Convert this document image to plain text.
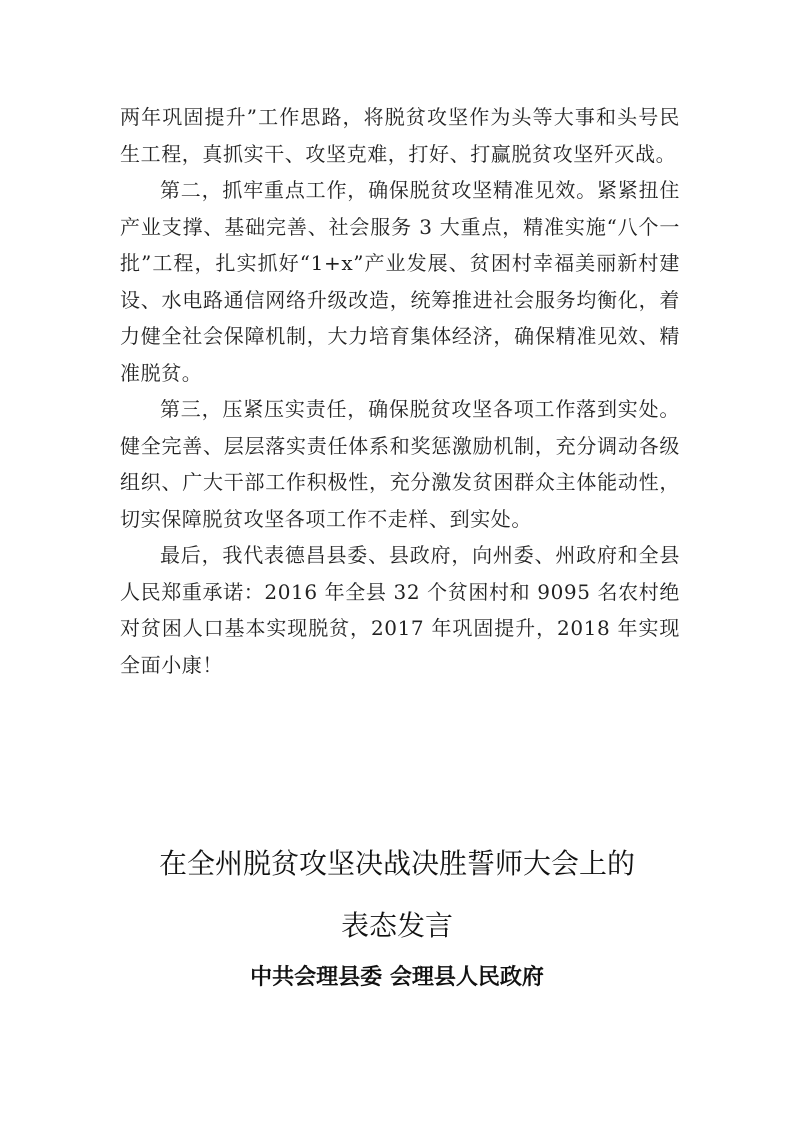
两年巩固提升”工作思路，将脱贫攻坚作为头等大事和头号民生工程，真抓实干、攻坚克难，打好、打赢脱贫攻坚歼灭战。

第二，抓牢重点工作，确保脱贫攻坚精准见效。紧紧扭住产业支撑、基础完善、社会服务 3 大重点，精准实施“八个一批”工程，扎实抓好“1+x”产业发展、贫困村幸福美丽新村建设、水电路通信网络升级改造，统筹推进社会服务均衡化，着力健全社会保障机制，大力培育集体经济，确保精准见效、精准脱贫。

第三，压紧压实责任，确保脱贫攻坚各项工作落到实处。健全完善、层层落实责任体系和奖惩激励机制，充分调动各级组织、广大干部工作积极性，充分激发贫困群众主体能动性，切实保障脱贫攻坚各项工作不走样、到实处。

最后，我代表德昌县委、县政府，向州委、州政府和全县人民郑重承诺：2016 年全县 32 个贫困村和 9095 名农村绝对贫困人口基本实现脱贫，2017 年巩固提升，2018 年实现全面小康！

在全州脱贫攻坚决战决胜誓师大会上的
表态发言
中共会理县委 会理县人民政府
